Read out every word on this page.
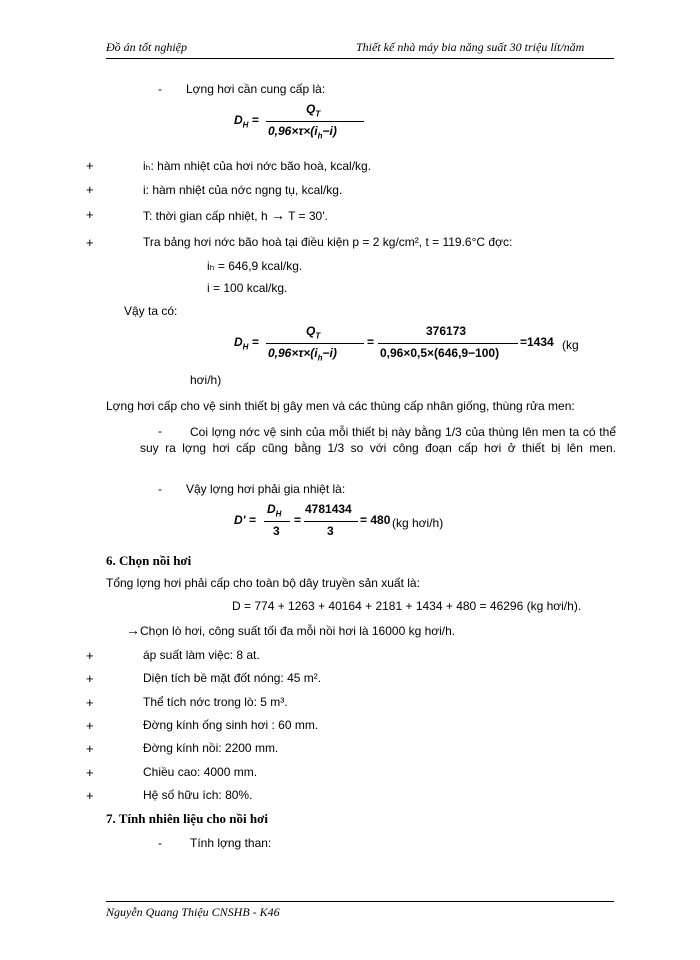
Đồ án tốt nghiệp	Thiết kế nhà máy bia năng suất 30 triệu lít/năm
- Lợng hơi cần cung cấp là:
$D_H$ =
$Q_T$
$0,96\times\tau\times(i_h-i)$
+	iₕ: hàm nhiệt của hơi nớc bão hoà, kcal/kg.
+	i: hàm nhiệt của nớc ngng tụ, kcal/kg.
+	T: thời gian cấp nhiệt, h → T = 30'.
+	Tra bảng hơi nớc bão hoà tại điều kiện p = 2 kg/cm², t = 119.6°C đợc:
iₕ = 646,9 kcal/kg.
i = 100 kcal/kg.
Vậy ta có:
$D_H$ =
$Q_T$
$0,96\times\tau\times(i_h-i)$
=
376173
0,96×0,5×(646,9−100)
=1434 (kg
hơi/h)
Lợng hơi cấp cho vệ sinh thiết bị gây men và các thùng cấp nhân giống, thùng rửa men:
-	Coi lợng nớc vệ sinh của mỗi thiết bị này bằng 1/3 của thùng lên men ta có thể suy ra lợng hơi cấp cũng bằng 1/3 so với công đoạn cấp hơi ở thiết bị lên men.
- Vậy lợng hơi phải gia nhiệt là:
D' =
$D_H$
3
=
4781434
3
= 480 (kg hơi/h)
6. Chọn nồi hơi
Tổng lợng hơi phải cấp cho toàn bộ dây truyền sản xuất là:
D = 774 + 1263 + 40164 + 2181 + 1434 + 480 = 46296 (kg hơi/h).
→Chọn lò hơi, công suất tối đa mỗi nồi hơi là 16000 kg hơi/h.
+	áp suất làm việc: 8 at.
+	Diện tích bề mặt đốt nóng: 45 m².
+	Thể tích nớc trong lò: 5 m³.
+	Đờng kính ống sinh hơi : 60 mm.
+	Đờng kính nồi: 2200 mm.
+	Chiều cao: 4000 mm.
+	Hệ số hữu ích: 80%.
7. Tính nhiên liệu cho nồi hơi
- Tính lợng than:
Nguyễn Quang Thiệu CNSHB - K46
